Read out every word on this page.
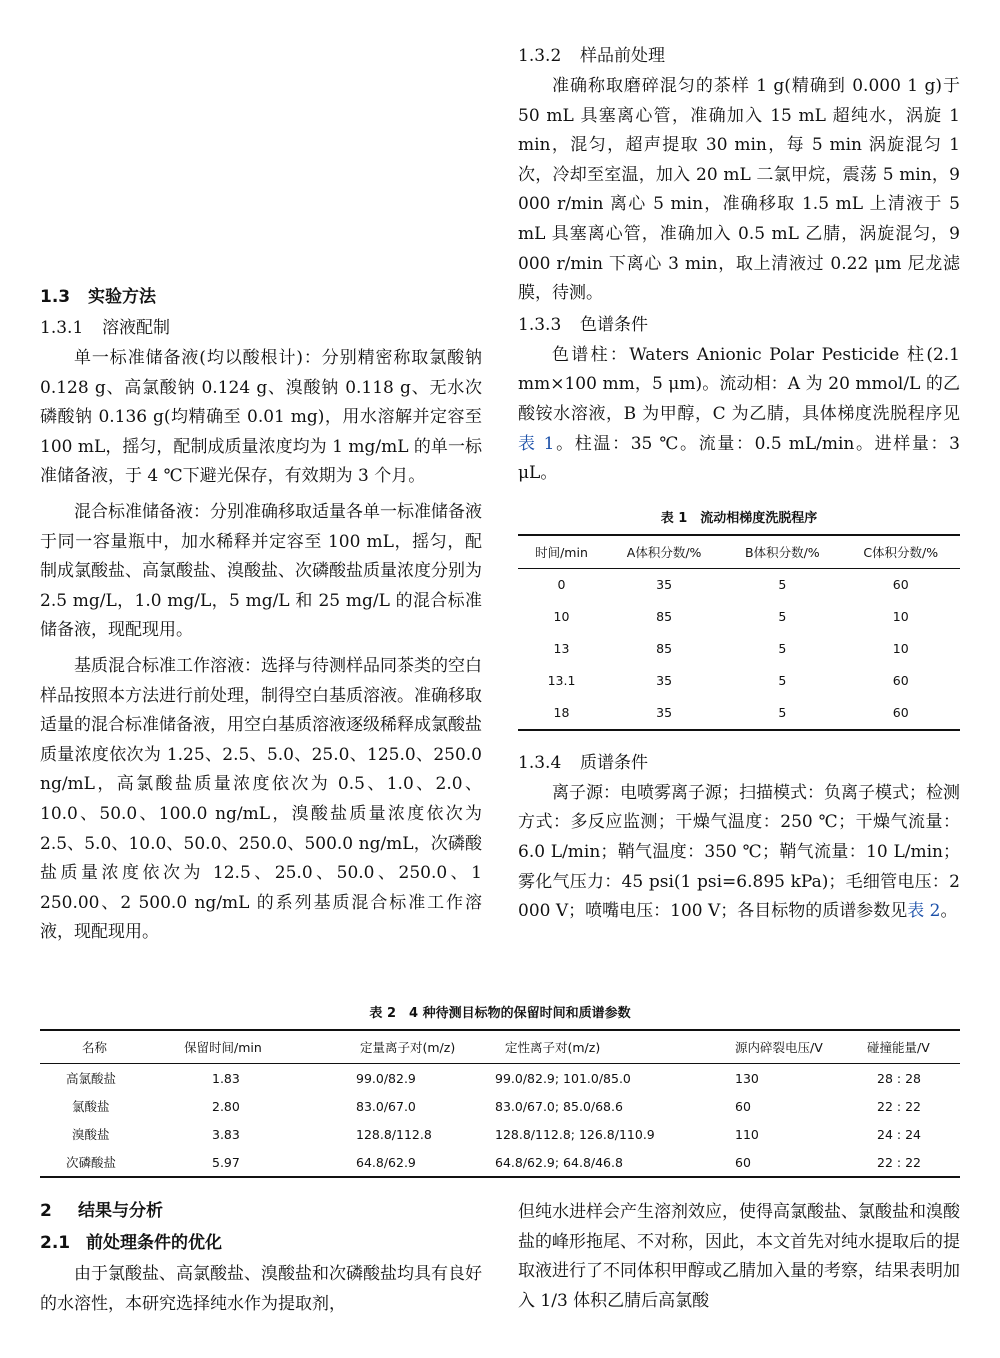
1.3 实验方法

1.3.1 溶液配制

单一标准储备液(均以酸根计)：分别精密称取氯酸钠 0.128 g、高氯酸钠 0.124 g、溴酸钠 0.118 g、无水次磷酸钠 0.136 g(均精确至 0.01 mg)，用水溶解并定容至 100 mL，摇匀，配制成质量浓度均为 1 mg/mL 的单一标准储备液，于 4 ℃下避光保存，有效期为 3 个月。

混合标准储备液：分别准确移取适量各单一标准储备液于同一容量瓶中，加水稀释并定容至 100 mL，摇匀，配制成氯酸盐、高氯酸盐、溴酸盐、次磷酸盐质量浓度分别为 2.5 mg/L，1.0 mg/L，5 mg/L 和 25 mg/L 的混合标准储备液，现配现用。

基质混合标准工作溶液：选择与待测样品同茶类的空白样品按照本方法进行前处理，制得空白基质溶液。准确移取适量的混合标准储备液，用空白基质溶液逐级稀释成氯酸盐质量浓度依次为 1.25、2.5、5.0、25.0、125.0、250.0 ng/mL，高氯酸盐质量浓度依次为 0.5、1.0、2.0、10.0、50.0、100.0 ng/mL，溴酸盐质量浓度依次为 2.5、5.0、10.0、50.0、250.0、500.0 ng/mL，次磷酸盐质量浓度依次为 12.5、25.0、50.0、250.0、1 250.00、2 500.0 ng/mL 的系列基质混合标准工作溶液，现配现用。

1.3.2 样品前处理

准确称取磨碎混匀的茶样 1 g(精确到 0.000 1 g)于 50 mL 具塞离心管，准确加入 15 mL 超纯水，涡旋 1 min，混匀，超声提取 30 min，每 5 min 涡旋混匀 1 次，冷却至室温，加入 20 mL 二氯甲烷，震荡 5 min，9 000 r/min 离心 5 min，准确移取 1.5 mL 上清液于 5 mL 具塞离心管，准确加入 0.5 mL 乙腈，涡旋混匀，9 000 r/min 下离心 3 min，取上清液过 0.22 μm 尼龙滤膜，待测。

1.3.3 色谱条件

色谱柱：Waters Anionic Polar Pesticide 柱(2.1 mm×100 mm，5 μm)。流动相：A 为 20 mmol/L 的乙酸铵水溶液，B 为甲醇，C 为乙腈，具体梯度洗脱程序见表 1。柱温：35 ℃。流量：0.5 mL/min。进样量：3 μL。

表 1　流动相梯度洗脱程序

时间/min	A体积分数/%	B体积分数/%	C体积分数/%
0	35	5	60
10	85	5	10
13	85	5	10
13.1	35	5	60
18	35	5	60

1.3.4 质谱条件

离子源：电喷雾离子源；扫描模式：负离子模式；检测方式：多反应监测；干燥气温度：250 ℃；干燥气流量：6.0 L/min；鞘气温度：350 ℃；鞘气流量：10 L/min；雾化气压力：45 psi(1 psi=6.895 kPa)；毛细管电压：2 000 V；喷嘴电压：100 V；各目标物的质谱参数见表 2。

表 2　4 种待测目标物的保留时间和质谱参数

名称	保留时间/min	定量离子对(m/z)	定性离子对(m/z)	源内碎裂电压/V	碰撞能量/V
高氯酸盐	1.83	99.0/82.9	99.0/82.9; 101.0/85.0	130	28 : 28
氯酸盐	2.80	83.0/67.0	83.0/67.0; 85.0/68.6	60	22 : 22
溴酸盐	3.83	128.8/112.8	128.8/112.8; 126.8/110.9	110	24 : 24
次磷酸盐	5.97	64.8/62.9	64.8/62.9; 64.8/46.8	60	22 : 22

2 结果与分析

2.1 前处理条件的优化

由于氯酸盐、高氯酸盐、溴酸盐和次磷酸盐均具有良好的水溶性，本研究选择纯水作为提取剂，

但纯水进样会产生溶剂效应，使得高氯酸盐、氯酸盐和溴酸盐的峰形拖尾、不对称，因此，本文首先对纯水提取后的提取液进行了不同体积甲醇或乙腈加入量的考察，结果表明加入 1/3 体积乙腈后高氯酸
